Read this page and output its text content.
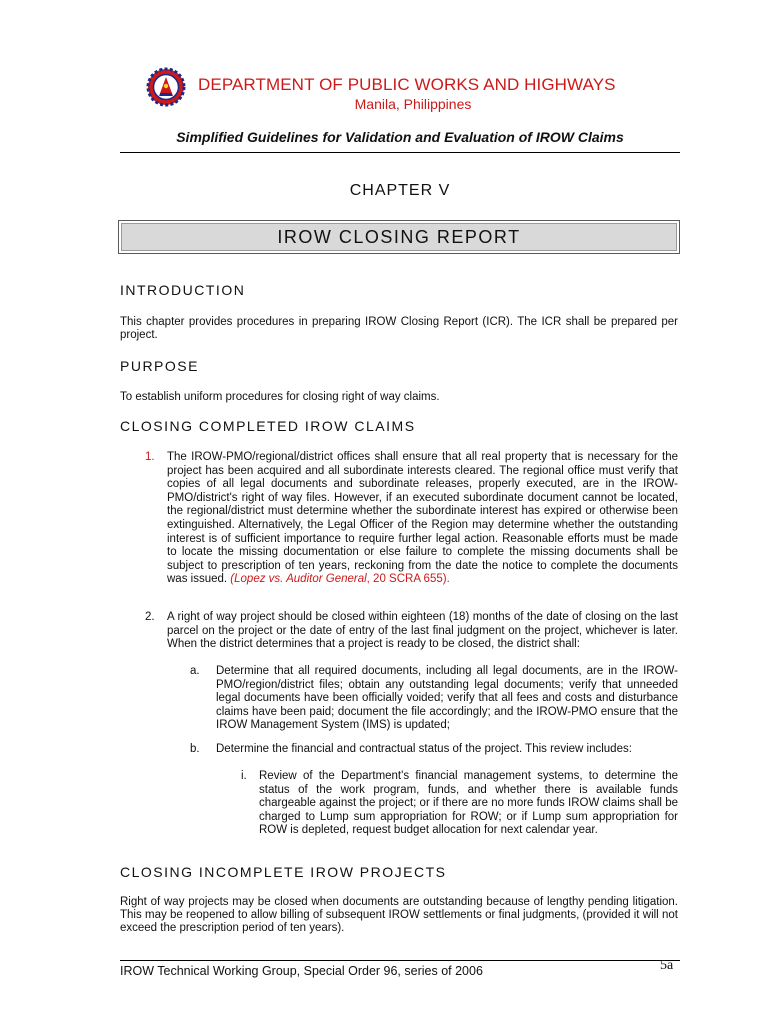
DEPARTMENT OF PUBLIC WORKS AND HIGHWAYS
Manila, Philippines
Simplified Guidelines for Validation and Evaluation of IROW Claims
CHAPTER V
IROW CLOSING REPORT
INTRODUCTION
This chapter provides procedures in preparing IROW Closing Report (ICR). The ICR shall be prepared per project.
PURPOSE
To establish uniform procedures for closing right of way claims.
CLOSING COMPLETED IROW CLAIMS
1. The IROW-PMO/regional/district offices shall ensure that all real property that is necessary for the project has been acquired and all subordinate interests cleared. The regional office must verify that copies of all legal documents and subordinate releases, properly executed, are in the IROW-PMO/district's right of way files. However, if an executed subordinate document cannot be located, the regional/district must determine whether the subordinate interest has expired or otherwise been extinguished. Alternatively, the Legal Officer of the Region may determine whether the outstanding interest is of sufficient importance to require further legal action. Reasonable efforts must be made to locate the missing documentation or else failure to complete the missing documents shall be subject to prescription of ten years, reckoning from the date the notice to complete the documents was issued. (Lopez vs. Auditor General, 20 SCRA 655).
2. A right of way project should be closed within eighteen (18) months of the date of closing on the last parcel on the project or the date of entry of the last final judgment on the project, whichever is later. When the district determines that a project is ready to be closed, the district shall:
a. Determine that all required documents, including all legal documents, are in the IROW-PMO/region/district files; obtain any outstanding legal documents; verify that unneeded legal documents have been officially voided; verify that all fees and costs and disturbance claims have been paid; document the file accordingly; and the IROW-PMO ensure that the IROW Management System (IMS) is updated;
b. Determine the financial and contractual status of the project. This review includes:
i. Review of the Department's financial management systems, to determine the status of the work program, funds, and whether there is available funds chargeable against the project; or if there are no more funds IROW claims shall be charged to Lump sum appropriation for ROW; or if Lump sum appropriation for ROW is depleted, request budget allocation for next calendar year.
CLOSING INCOMPLETE IROW PROJECTS
Right of way projects may be closed when documents are outstanding because of lengthy pending litigation. This may be reopened to allow billing of subsequent IROW settlements or final judgments, (provided it will not exceed the prescription period of ten years).
IROW Technical Working Group, Special Order 96, series of 2006	5a
